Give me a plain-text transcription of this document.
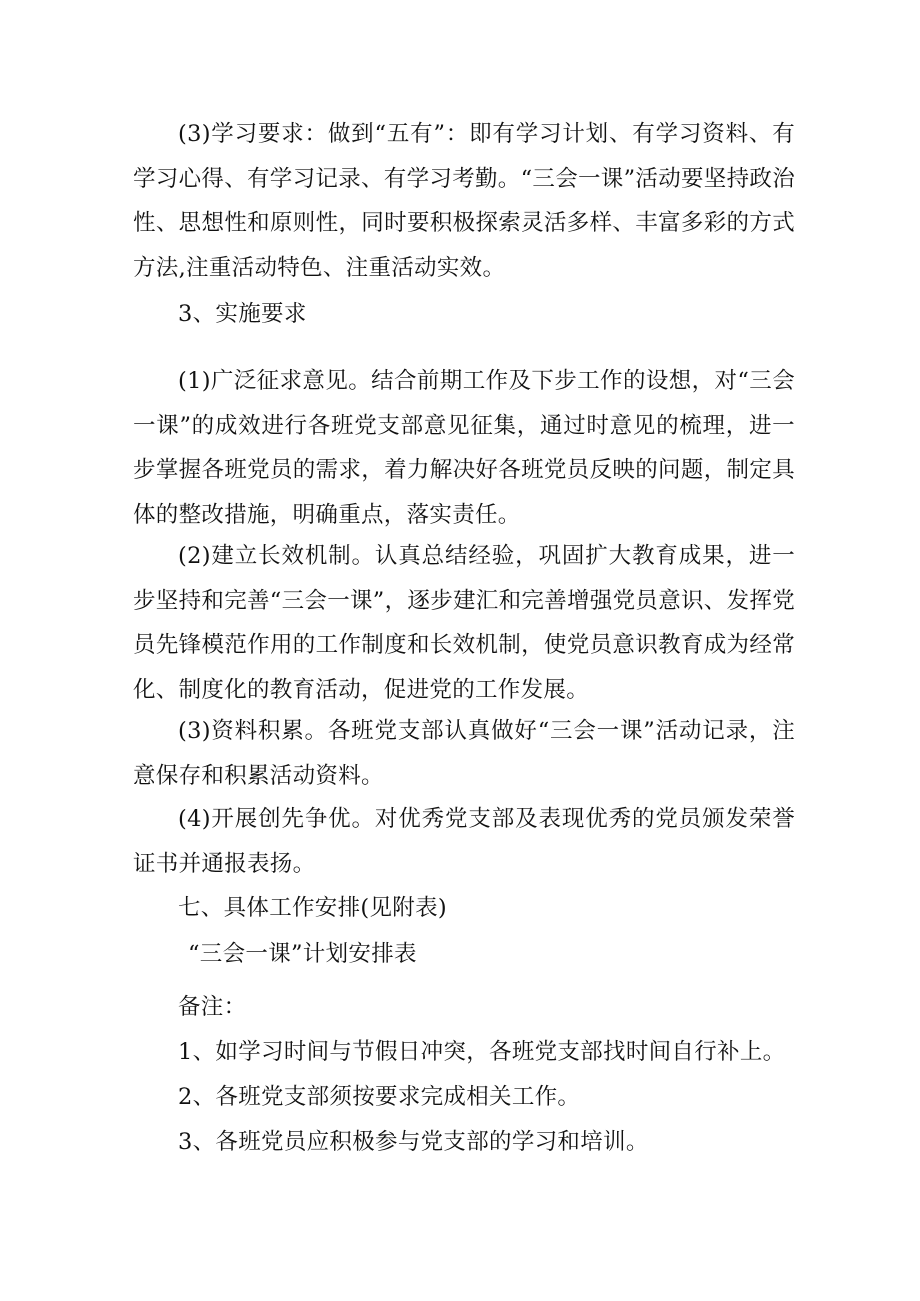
(3)学习要求：做到“五有”：即有学习计划、有学习资料、有学习心得、有学习记录、有学习考勤。“三会一课”活动要坚持政治性、思想性和原则性，同时要积极探索灵活多样、丰富多彩的方式方法,注重活动特色、注重活动实效。

3、实施要求

(1)广泛征求意见。结合前期工作及下步工作的设想，对“三会一课”的成效进行各班党支部意见征集，通过时意见的梳理，进一步掌握各班党员的需求，着力解决好各班党员反映的问题，制定具体的整改措施，明确重点，落实责任。

(2)建立长效机制。认真总结经验，巩固扩大教育成果，进一步坚持和完善“三会一课”，逐步建汇和完善增强党员意识、发挥党员先锋模范作用的工作制度和长效机制，使党员意识教育成为经常化、制度化的教育活动，促进党的工作发展。

(3)资料积累。各班党支部认真做好“三会一课”活动记录，注意保存和积累活动资料。

(4)开展创先争优。对优秀党支部及表现优秀的党员颁发荣誉证书并通报表扬。

七、具体工作安排(见附表)

“三会一课”计划安排表

备注：

1、如学习时间与节假日冲突，各班党支部找时间自行补上。

2、各班党支部须按要求完成相关工作。

3、各班党员应积极参与党支部的学习和培训。
